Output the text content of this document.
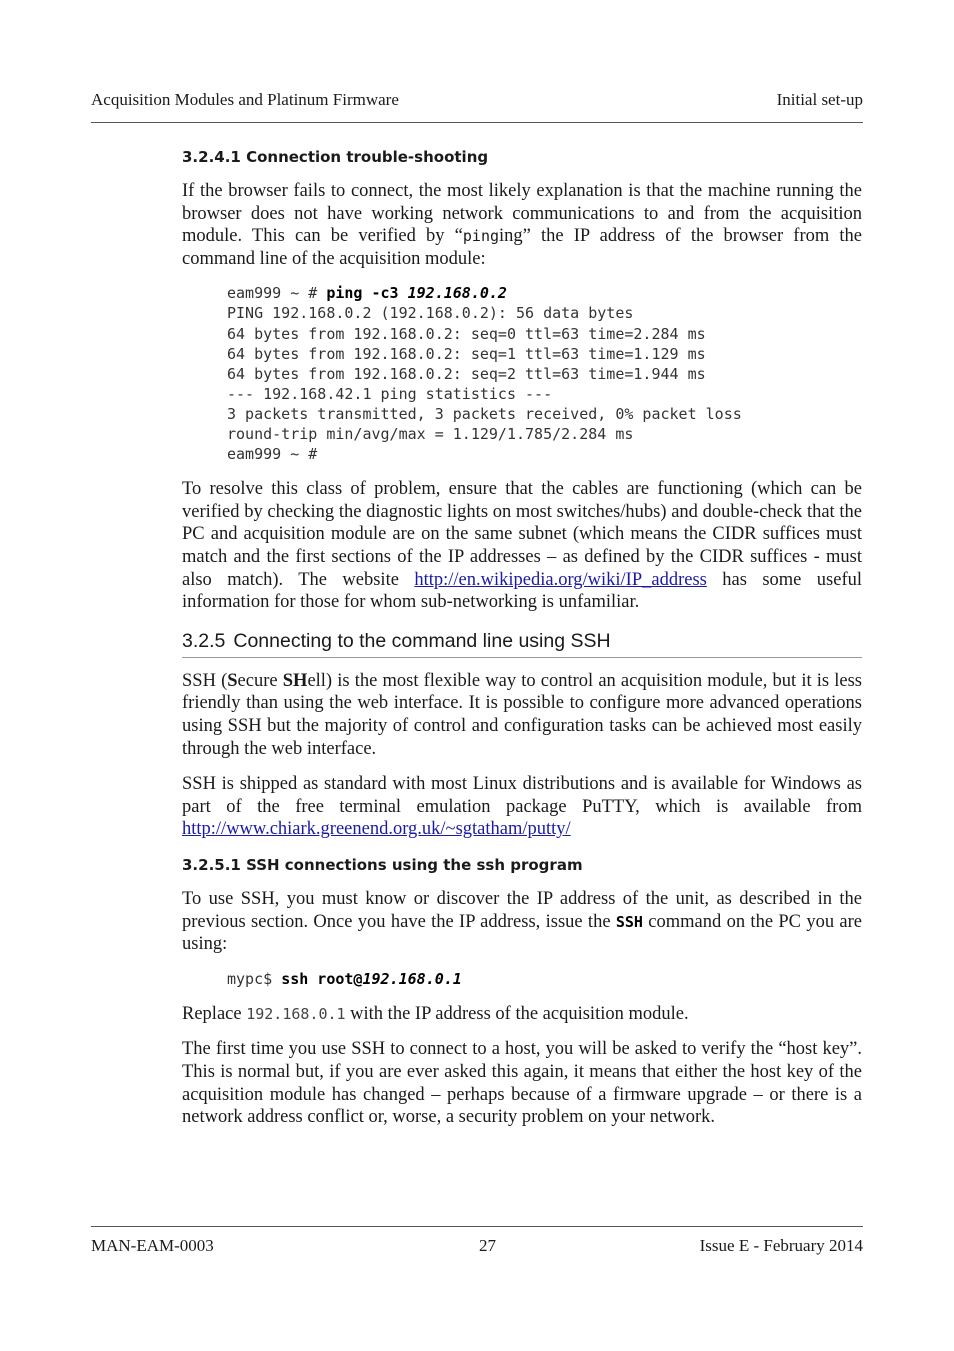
Acquisition Modules and Platinum Firmware	Initial set-up
3.2.4.1 Connection trouble-shooting

If the browser fails to connect, the most likely explanation is that the machine running the browser does not have working network communications to and from the acquisition module. This can be verified by “pinging” the IP address of the browser from the command line of the acquisition module:

eam999 ~ # ping -c3 192.168.0.2
PING 192.168.0.2 (192.168.0.2): 56 data bytes
64 bytes from 192.168.0.2: seq=0 ttl=63 time=2.284 ms
64 bytes from 192.168.0.2: seq=1 ttl=63 time=1.129 ms
64 bytes from 192.168.0.2: seq=2 ttl=63 time=1.944 ms
--- 192.168.42.1 ping statistics ---
3 packets transmitted, 3 packets received, 0% packet loss
round-trip min/avg/max = 1.129/1.785/2.284 ms
eam999 ~ #

To resolve this class of problem, ensure that the cables are functioning (which can be verified by checking the diagnostic lights on most switches/hubs) and double-check that the PC and acquisition module are on the same subnet (which means the CIDR suffices must match and the first sections of the IP addresses – as defined by the CIDR suffices - must also match). The website http://en.wikipedia.org/wiki/IP_address has some useful information for those for whom sub-networking is unfamiliar.

3.2.5 Connecting to the command line using SSH

SSH (Secure SHell) is the most flexible way to control an acquisition module, but it is less friendly than using the web interface. It is possible to configure more advanced operations using SSH but the majority of control and configuration tasks can be achieved most easily through the web interface.

SSH is shipped as standard with most Linux distributions and is available for Windows as part of the free terminal emulation package PuTTY, which is available from http://www.chiark.greenend.org.uk/~sgtatham/putty/

3.2.5.1 SSH connections using the ssh program

To use SSH, you must know or discover the IP address of the unit, as described in the previous section. Once you have the IP address, issue the SSH command on the PC you are using:

mypc$ ssh root@192.168.0.1

Replace 192.168.0.1 with the IP address of the acquisition module.

The first time you use SSH to connect to a host, you will be asked to verify the “host key”. This is normal but, if you are ever asked this again, it means that either the host key of the acquisition module has changed – perhaps because of a firmware upgrade – or there is a network address conflict or, worse, a security problem on your network.

MAN-EAM-0003	27	Issue E - February 2014
